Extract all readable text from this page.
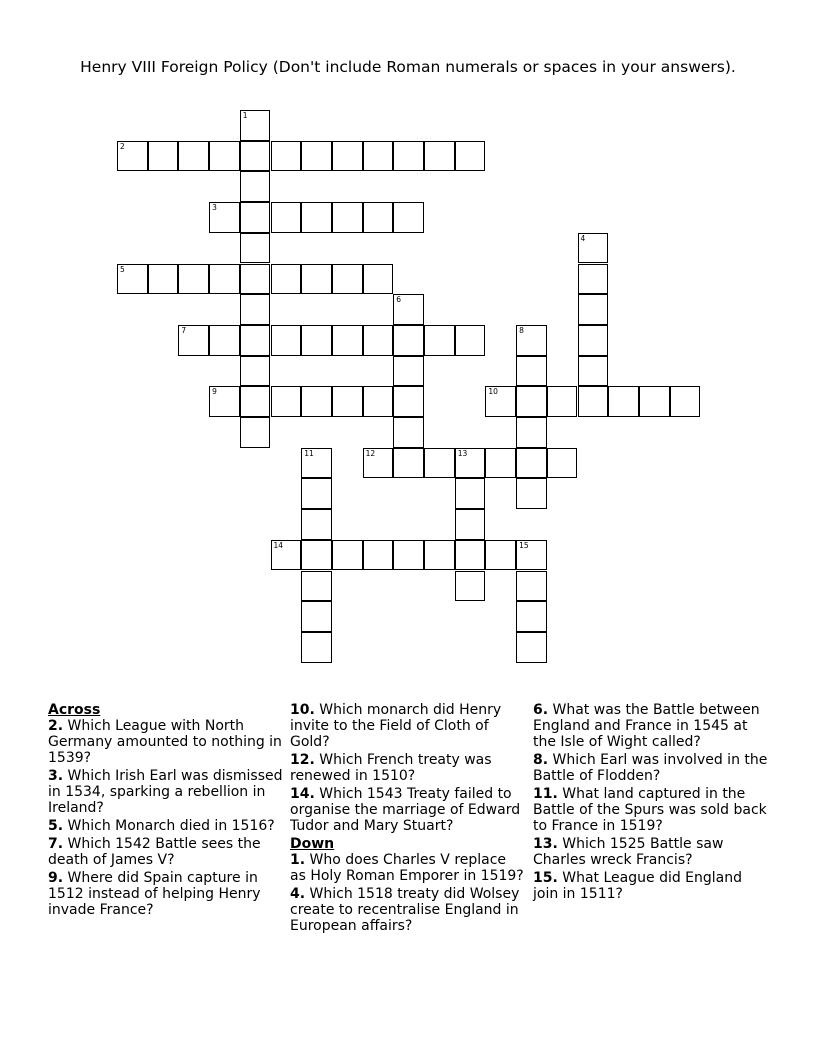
Henry VIII Foreign Policy (Don't include Roman numerals or spaces in your answers).
1
2
3
4
5
6
7	8
9	10
11	12	13
14	15
Across
2. Which League with North Germany amounted to nothing in 1539?
3. Which Irish Earl was dismissed in 1534, sparking a rebellion in Ireland?
5. Which Monarch died in 1516?
7. Which 1542 Battle sees the death of James V?
9. Where did Spain capture in 1512 instead of helping Henry invade France?
10. Which monarch did Henry invite to the Field of Cloth of Gold?
12. Which French treaty was renewed in 1510?
14. Which 1543 Treaty failed to organise the marriage of Edward Tudor and Mary Stuart?
Down
1. Who does Charles V replace as Holy Roman Emporer in 1519?
4. Which 1518 treaty did Wolsey create to recentralise England in European affairs?
6. What was the Battle between England and France in 1545 at the Isle of Wight called?
8. Which Earl was involved in the Battle of Flodden?
11. What land captured in the Battle of the Spurs was sold back to France in 1519?
13. Which 1525 Battle saw Charles wreck Francis?
15. What League did England join in 1511?
